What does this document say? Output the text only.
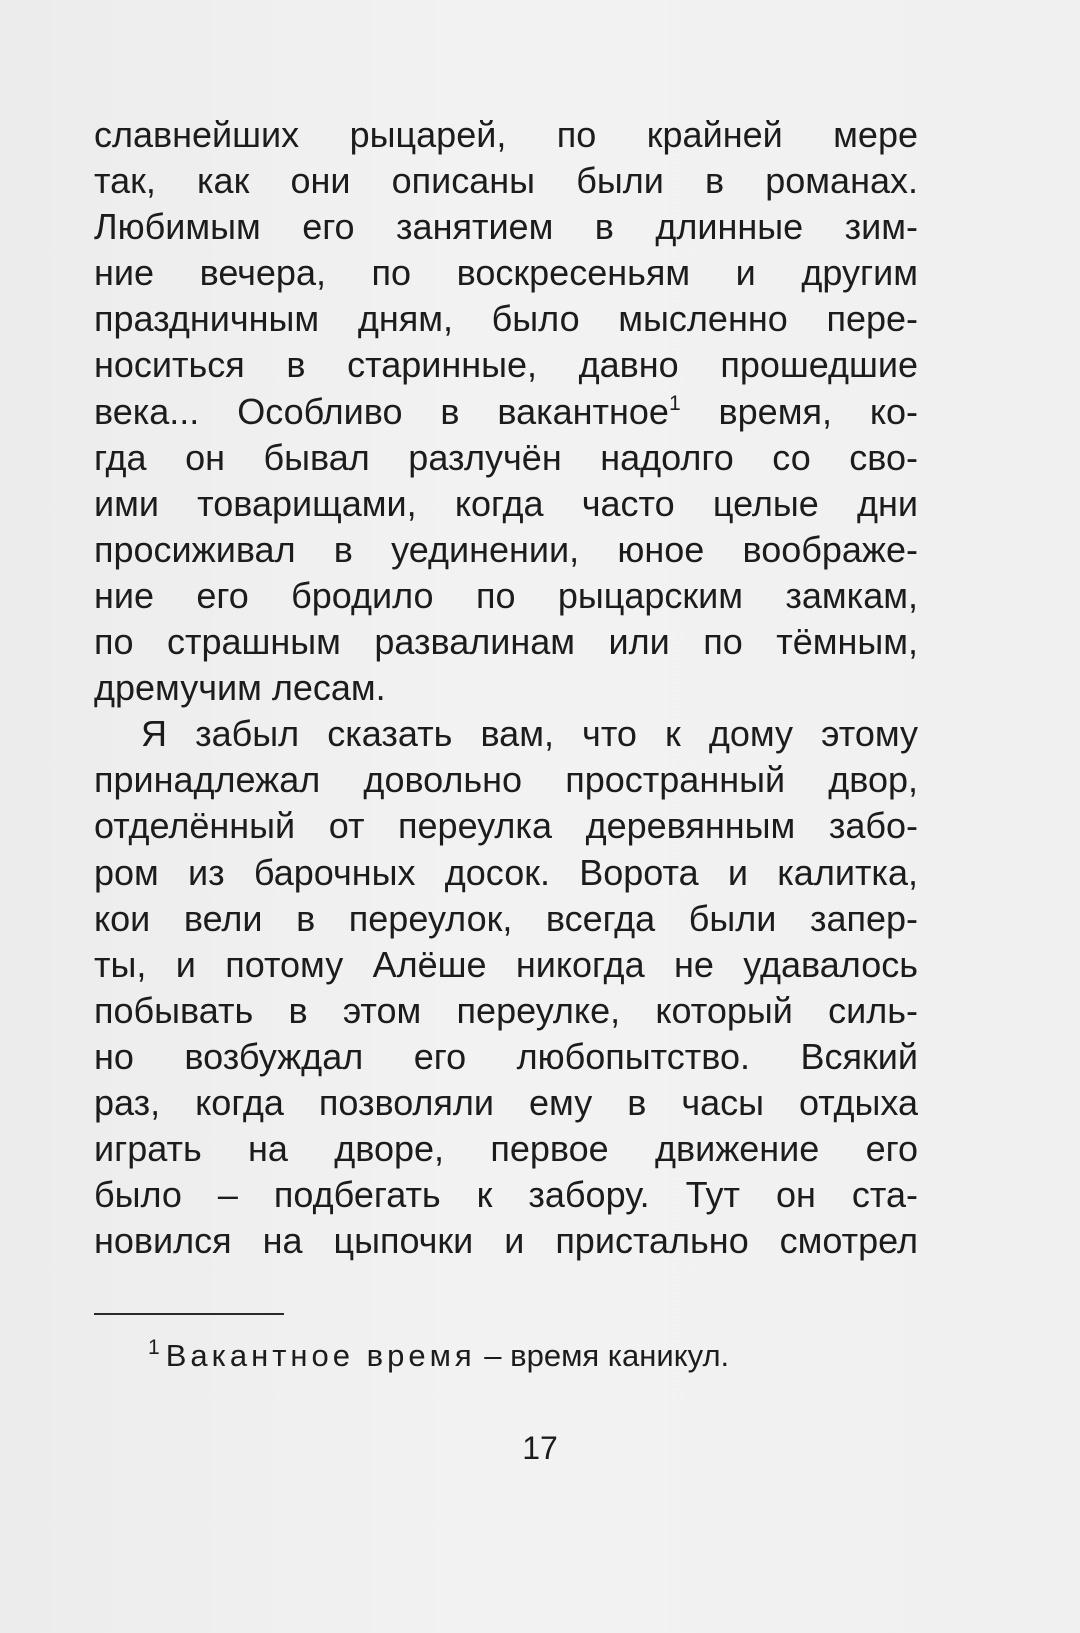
славнейших рыцарей, по крайней мере
так, как они описаны были в романах.
Любимым его занятием в длинные зим-
ние вечера, по воскресеньям и другим
праздничным дням, было мысленно пере-
носиться в старинные, давно прошедшие
века... Особливо в вакантное$^1$ время, ко-
гда он бывал разлучён надолго со сво-
ими товарищами, когда часто целые дни
просиживал в уединении, юное воображе-
ние его бродило по рыцарским замкам,
по страшным развалинам или по тёмным,
дремучим лесам.
Я забыл сказать вам, что к дому этому
принадлежал довольно пространный двор,
отделённый от переулка деревянным забо-
ром из барочных досок. Ворота и калитка,
кои вели в переулок, всегда были запер-
ты, и потому Алёше никогда не удавалось
побывать в этом переулке, который силь-
но возбуждал его любопытство. Всякий
раз, когда позволяли ему в часы отдыха
играть на дворе, первое движение его
было – подбегать к забору. Тут он ста-
новился на цыпочки и пристально смотрел
$^1$ Вакантное время – время каникул.
17
